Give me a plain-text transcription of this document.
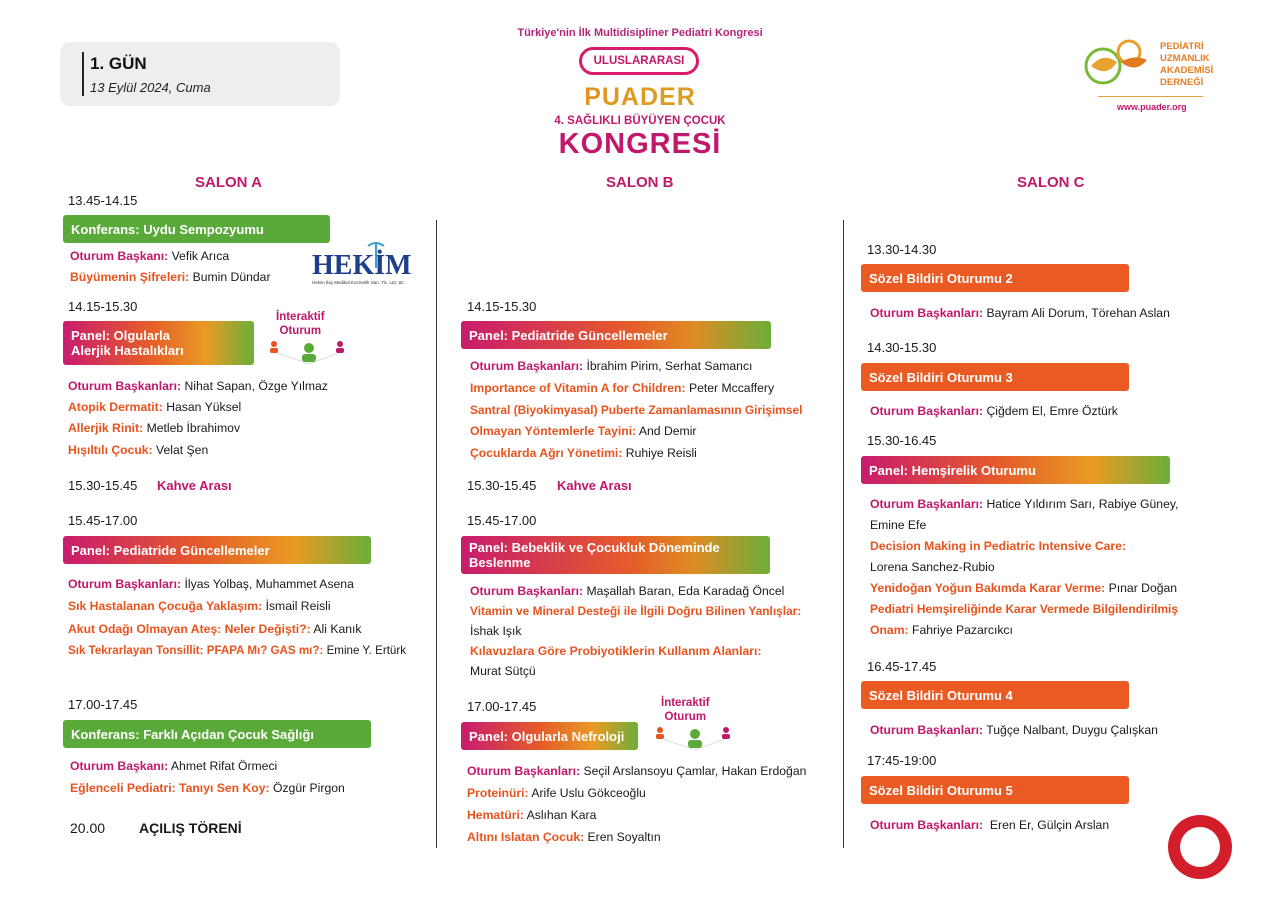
1. GÜN
Türkiye'nin İlk Multidisipliner Pediatri Kongresi
ULUSLARARASI
PUADER
4. SAĞLIKLI BÜYÜYEN ÇOCUK
KONGRESİ
PEDİATRİ
UZMANLIK
AKADEMİSİ
DERNEĞİ
www.puader.org
SALON A	SALON B	SALON C
13.45-14.15
Konferans: Uydu Sempozyumu
Oturum Başkanı: Vefik Arıca
Büyümenin Şifreleri: Bumin Dündar HEKİM
Hekim İlaç Medikal Kozmetik San. Tic. Ltd. Şti.
14.15-15.30
Panel: Olgularla
Alerjik Hastalıkları
İnteraktif
Oturum
Oturum Başkanları: Nihat Sapan, Özge Yılmaz
Atopik Dermatit: Hasan Yüksel
Allerjik Rinit: Metleb İbrahimov
Hışıltılı Çocuk: Velat Şen
15.30-15.45 Kahve Arası
15.45-17.00
Panel: Pediatride Güncellemeler
Oturum Başkanları: İlyas Yolbaş, Muhammet Asena
Sık Hastalanan Çocuğa Yaklaşım: İsmail Reisli
Akut Odağı Olmayan Ateş: Neler Değişti?: Ali Kanık
Sık Tekrarlayan Tonsillit: PFAPA Mı? GAS mı?: Emine Y. Ertürk
17.00-17.45
Konferans: Farklı Açıdan Çocuk Sağlığı
Oturum Başkanı: Ahmet Rifat Örmeci
Eğlenceli Pediatri: Tanıyı Sen Koy: Özgür Pirgon
20.00 AÇILIŞ TÖRENİ
14.15-15.30
Panel: Pediatride Güncellemeler
Oturum Başkanları: İbrahim Pirim, Serhat Samancı
Importance of Vitamin A for Children: Peter Mccaffery
Santral (Biyokimyasal) Puberte Zamanlamasının Girişimsel
Olmayan Yöntemlerle Tayini: And Demir
Çocuklarda Ağrı Yönetimi: Ruhiye Reisli
15.30-15.45 Kahve Arası
15.45-17.00
Panel: Bebeklik ve Çocukluk Döneminde
Beslenme
Oturum Başkanları: Maşallah Baran, Eda Karadağ Öncel
Vitamin ve Mineral Desteği ile İlgili Doğru Bilinen Yanlışlar:
İshak Işık
Kılavuzlara Göre Probiyotiklerin Kullanım Alanları:
Murat Sütçü
17.00-17.45	İnteraktif
Oturum
Panel: Olgularla Nefroloji
Oturum Başkanları: Seçil Arslansoyu Çamlar, Hakan Erdoğan
Proteinüri: Arife Uslu Gökceoğlu
Hematüri: Aslıhan Kara
Altını Islatan Çocuk: Eren Soyaltın
13.30-14.30
Sözel Bildiri Oturumu 2
Oturum Başkanları: Bayram Ali Dorum, Törehan Aslan
14.30-15.30
Sözel Bildiri Oturumu 3
Oturum Başkanları: Çiğdem El, Emre Öztürk
15.30-16.45
Panel: Hemşirelik Oturumu
Oturum Başkanları: Hatice Yıldırım Sarı, Rabiye Güney,
Emine Efe
Decision Making in Pediatric Intensive Care:
Lorena Sanchez-Rubio
Yenidoğan Yoğun Bakımda Karar Verme: Pınar Doğan
Pediatri Hemşireliğinde Karar Vermede Bilgilendirilmiş
Onam: Fahriye Pazarcıkcı
16.45-17.45
Sözel Bildiri Oturumu 4
Oturum Başkanları: Tuğçe Nalbant, Duygu Çalışkan
17:45-19:00
Sözel Bildiri Oturumu 5
Oturum Başkanları: Eren Er, Gülçin Arslan
